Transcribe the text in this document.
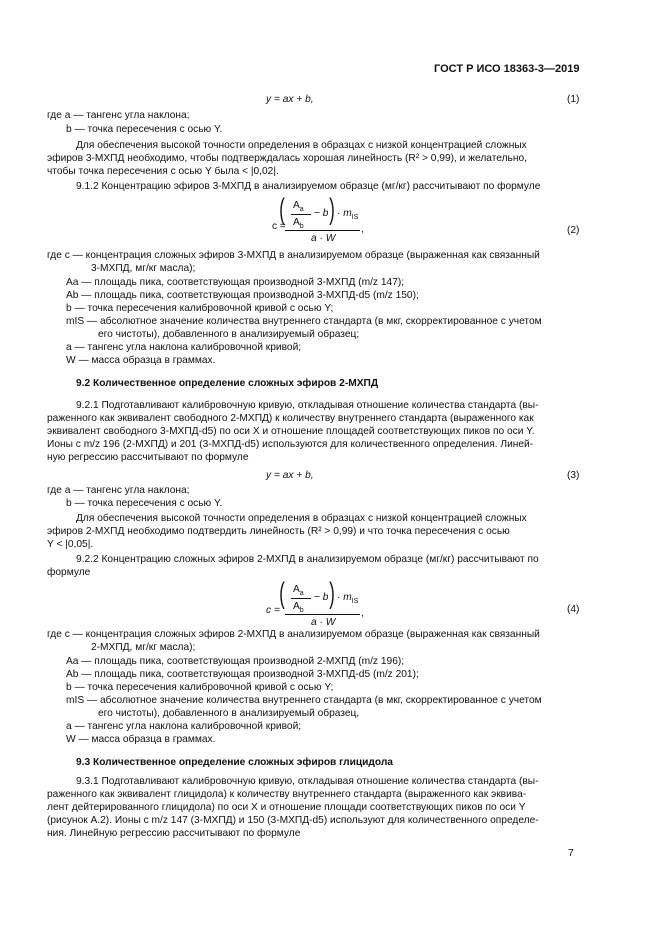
ГОСТ Р ИСО 18363-3—2019
y = ax + b,	(1)
где a — тангенс угла наклона;
b — точка пересечения с осью Y.
Для обеспечения высокой точности определения в образцах с низкой концентрацией сложных
эфиров 3-МХПД необходимо, чтобы подтверждалась хорошая линейность (R² > 0,99), и желательно,
чтобы точка пересечения с осью Y была < |0,02|.
9.1.2 Концентрацию эфиров 3-МХПД в анализируемом образце (мг/кг) рассчитывают по формуле
c =
( $A_a$
$A_b$
− b ) · $m_{IS}$
a · W
,	(2)
где c — концентрация сложных эфиров 3-МХПД в анализируемом образце (выраженная как связанный
3-МХПД, мг/кг масла);
Aa — площадь пика, соответствующая производной 3-МХПД (m/z 147);
Ab — площадь пика, соответствующая производной 3-МХПД-d5 (m/z 150);
b — точка пересечения калибровочной кривой с осью Y;
mIS — абсолютное значение количества внутреннего стандарта (в мкг, скорректированное с учетом
его чистоты), добавленного в анализируемый образец;
a — тангенс угла наклона калибровочной кривой;
W — масса образца в граммах.
9.2 Количественное определение сложных эфиров 2-МХПД
9.2.1 Подготавливают калибровочную кривую, откладывая отношение количества стандарта (вы-
раженного как эквивалент свободного 2-МХПД) к количеству внутреннего стандарта (выраженного как
эквивалент свободного 3-МХПД-d5) по оси X и отношение площадей соответствующих пиков по оси Y.
Ионы с m/z 196 (2-МХПД) и 201 (3-МХПД-d5) используются для количественного определения. Линей-
ную регрессию рассчитывают по формуле
y = ax + b,	(3)
где a — тангенс угла наклона;
b — точка пересечения с осью Y.
Для обеспечения высокой точности определения в образцах с низкой концентрацией сложных
эфиров 2-МХПД необходимо подтвердить линейность (R² > 0,99) и что точка пересечения с осью
Y < |0,05|.
9.2.2 Концентрацию сложных эфиров 2-МХПД в анализируемом образце (мг/кг) рассчитывают по
формуле
c =
( $A_a$
$A_b$
− b ) · $m_{IS}$
a · W
,	(4)
где c — концентрация сложных эфиров 2-МХПД в анализируемом образце (выраженная как связанный
2-МХПД, мг/кг масла);
Aa — площадь пика, соответствующая производной 2-МХПД (m/z 196);
Ab — площадь пика, соответствующая производной 3-МХПД-d5 (m/z 201);
b — точка пересечения калибровочной кривой с осью Y;
mIS — абсолютное значение количества внутреннего стандарта (в мкг, скорректированное с учетом
его чистоты), добавленного в анализируемый образец,
a — тангенс угла наклона калибровочной кривой;
W — масса образца в граммах.
9.3 Количественное определение сложных эфиров глицидола
9.3.1 Подготавливают калибровочную кривую, откладывая отношение количества стандарта (вы-
раженного как эквивалент глицидола) к количеству внутреннего стандарта (выраженного как эквива-
лент дейтерированного глицидола) по оси X и отношение площади соответствующих пиков по оси Y
(рисунок А.2). Ионы с m/z 147 (3-МХПД) и 150 (3-МХПД-d5) используют для количественного определе-
ния. Линейную регрессию рассчитывают по формуле
7
